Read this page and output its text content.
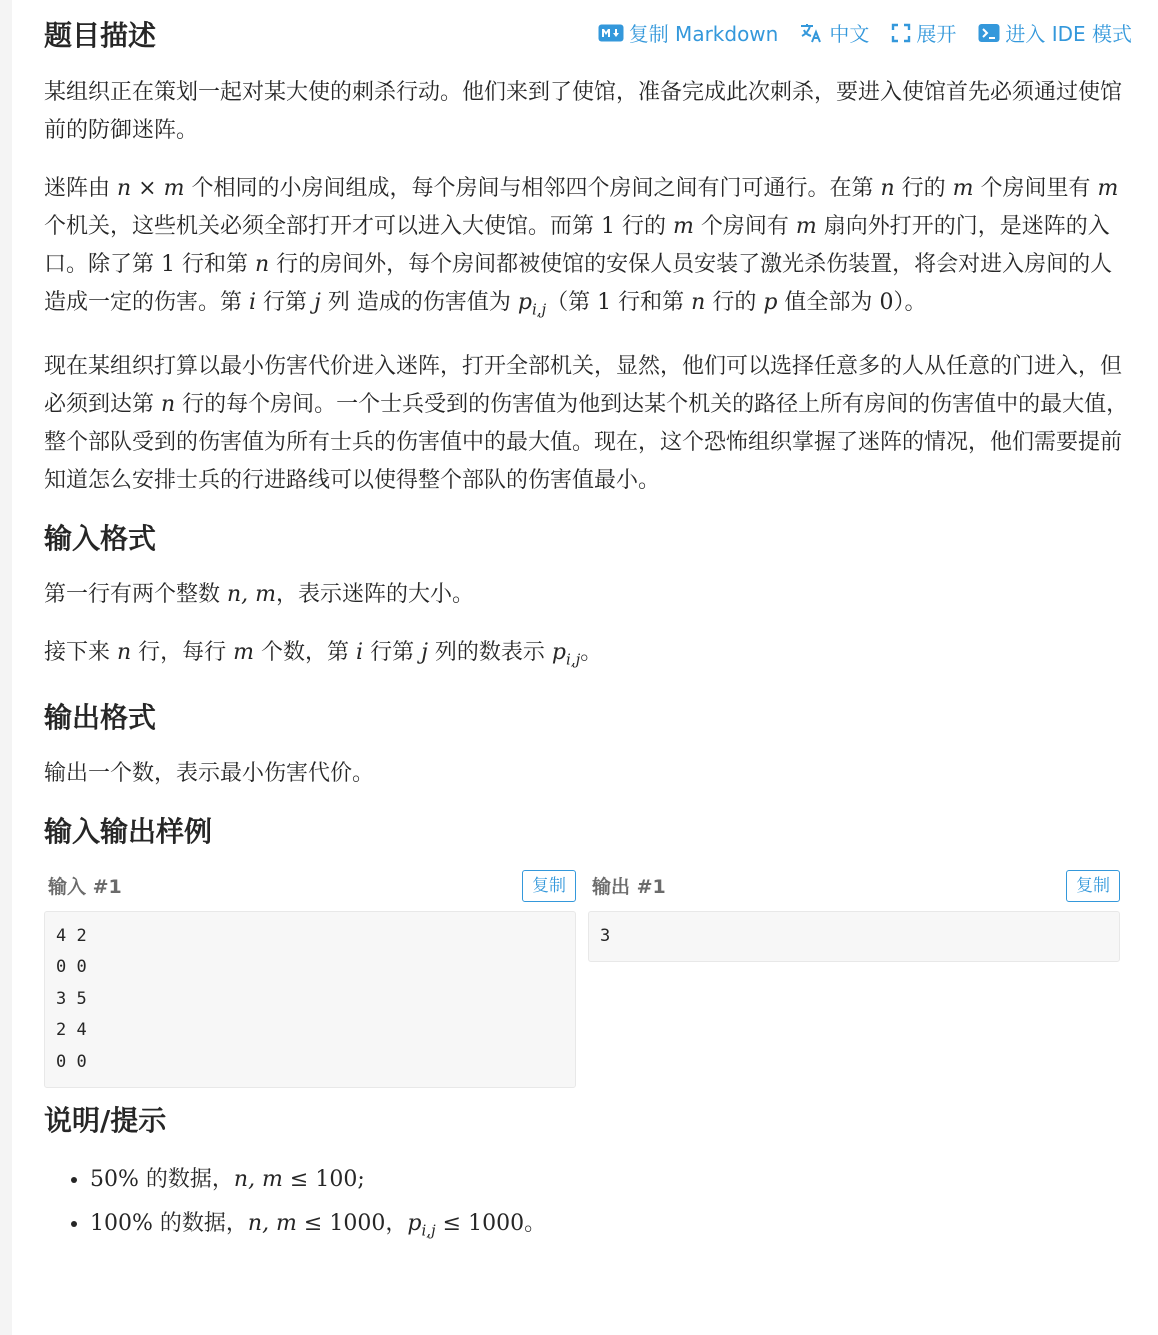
题目描述	复制 Markdown	中文 展开 进入 IDE 模式

某组织正在策划一起对某大使的刺杀行动。他们来到了使馆，准备完成此次刺杀，要进入使馆首先必须通过使馆前的防御迷阵。

迷阵由 n × m 个相同的小房间组成，每个房间与相邻四个房间之间有门可通行。在第 n 行的 m 个房间里有 m 个机关，这些机关必须全部打开才可以进入大使馆。而第 1 行的 m 个房间有 m 扇向外打开的门，是迷阵的入口。除了第 1 行和第 n 行的房间外，每个房间都被使馆的安保人员安装了激光杀伤装置，将会对进入房间的人造成一定的伤害。第 i 行第 j 列 造成的伤害值为 $p_{i,j}$（第 1 行和第 n 行的 p 值全部为 0）。

现在某组织打算以最小伤害代价进入迷阵，打开全部机关，显然，他们可以选择任意多的人从任意的门进入，但必须到达第 n 行的每个房间。一个士兵受到的伤害值为他到达某个机关的路径上所有房间的伤害值中的最大值，整个部队受到的伤害值为所有士兵的伤害值中的最大值。现在，这个恐怖组织掌握了迷阵的情况，他们需要提前知道怎么安排士兵的行进路线可以使得整个部队的伤害值最小。

输入格式

第一行有两个整数 n, m，表示迷阵的大小。

接下来 n 行，每行 m 个数，第 i 行第 j 列的数表示 $p_{i,j}$。

输出格式

输出一个数，表示最小伤害代价。

输入输出样例
输入 #1	复制
4 2
0 0
3 5
2 4
0 0
输出 #1	复制
3
说明/提示
• 50% 的数据，n, m ≤ 100;
• 100% 的数据，n, m ≤ 1000，$p_{i,j} \le 1000$。
